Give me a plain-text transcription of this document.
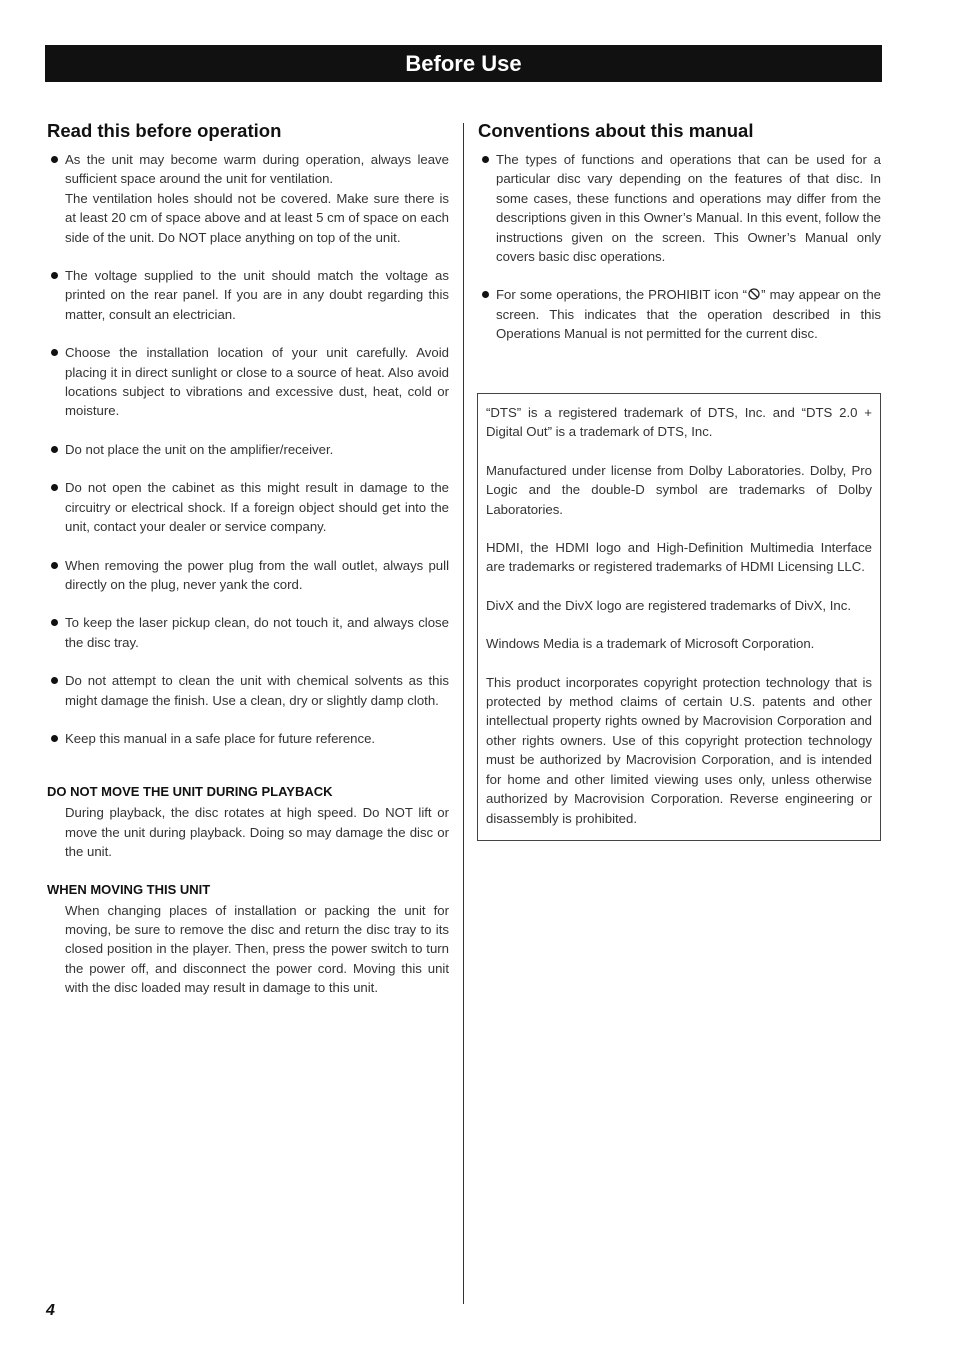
Before Use
Read this before operation

As the unit may become warm during operation, always leave sufficient space around the unit for ventilation.

The ventilation holes should not be covered. Make sure there is at least 20 cm of space above and at least 5 cm of space on each side of the unit. Do NOT place anything on top of the unit.

The voltage supplied to the unit should match the voltage as printed on the rear panel. If you are in any doubt regarding this matter, consult an electrician.

Choose the installation location of your unit carefully. Avoid placing it in direct sunlight or close to a source of heat. Also avoid locations subject to vibrations and excessive dust, heat, cold or moisture.

Do not place the unit on the amplifier/receiver.

Do not open the cabinet as this might result in damage to the circuitry or electrical shock. If a foreign object should get into the unit, contact your dealer or service company.

When removing the power plug from the wall outlet, always pull directly on the plug, never yank the cord.

To keep the laser pickup clean, do not touch it, and always close the disc tray.

Do not attempt to clean the unit with chemical solvents as this might damage the finish. Use a clean, dry or slightly damp cloth.

Keep this manual in a safe place for future reference.

DO NOT MOVE THE UNIT DURING PLAYBACK

During playback, the disc rotates at high speed. Do NOT lift or move the unit during playback. Doing so may damage the disc or the unit.

WHEN MOVING THIS UNIT

When changing places of installation or packing the unit for moving, be sure to remove the disc and return the disc tray to its closed position in the player. Then, press the power switch to turn the power off, and disconnect the power cord. Moving this unit with the disc loaded may result in damage to this unit.

Conventions about this manual

The types of functions and operations that can be used for a particular disc vary depending on the features of that disc. In some cases, these functions and operations may differ from the descriptions given in this Owner’s Manual. In this event, follow the instructions given on the screen. This Owner’s Manual only covers basic disc operations.

For some operations, the PROHIBIT icon “ ” may appear on the screen. This indicates that the operation described in this Operations Manual is not permitted for the current disc.

“DTS” is a registered trademark of DTS, Inc. and “DTS 2.0 + Digital Out” is a trademark of DTS, Inc.

Manufactured under license from Dolby Laboratories. Dolby, Pro Logic and the double-D symbol are trademarks of Dolby Laboratories.

HDMI, the HDMI logo and High-Definition Multimedia Interface are trademarks or registered trademarks of HDMI Licensing LLC.

DivX and the DivX logo are registered trademarks of DivX, Inc.

Windows Media is a trademark of Microsoft Corporation.

This product incorporates copyright protection technology that is protected by method claims of certain U.S. patents and other intellectual property rights owned by Macrovision Corporation and other rights owners. Use of this copyright protection technology must be authorized by Macrovision Corporation, and is intended for home and other limited viewing uses only, unless otherwise authorized by Macrovision Corporation. Reverse engineering or disassembly is prohibited.

4
